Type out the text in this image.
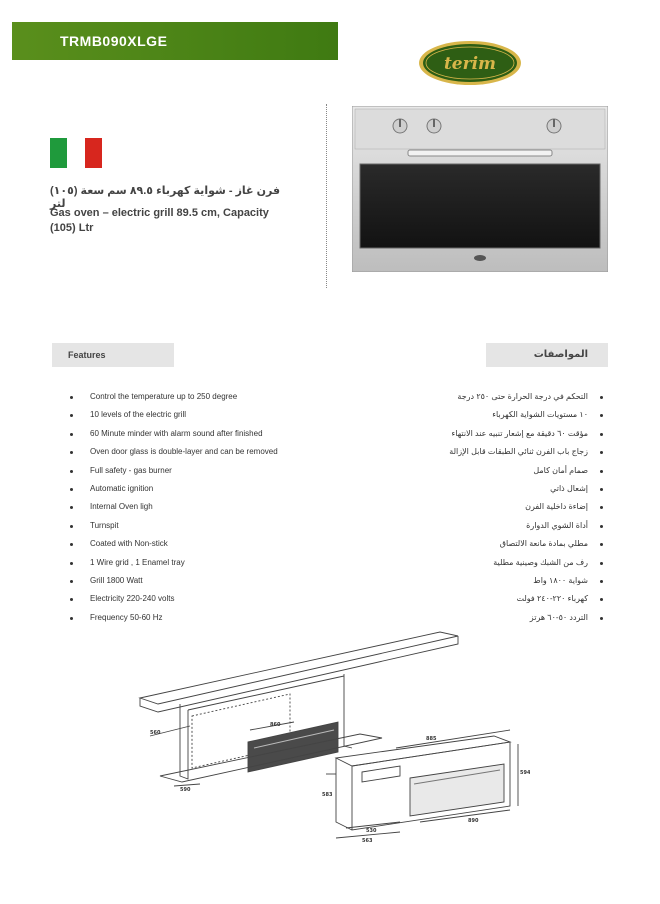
TRMB090XLGE
terim
فرن غاز - شواية كهرباء ٨٩.٥ سم سعة (١٠٥) لتر
Gas oven – electric grill 89.5 cm, Capacity (105) Ltr
Features	المواصفات
Control the temperature up to 250 degree
10 levels of the electric grill
60 Minute minder with alarm sound after finished
Oven door glass is double-layer and can be removed
Full safety - gas burner
Automatic ignition
Internal Oven ligh
Turnspit
Coated with Non-stick
1 Wire grid , 1 Enamel tray
Grill 1800 Watt
Electricity 220-240 volts
Frequency 50-60 Hz
التحكم في درجة الحرارة حتى ٢٥٠ درجة
١٠ مستويات الشواية الكهرباء
مؤقت ٦٠ دقيقة مع إشعار تنبيه عند الانتهاء
زجاج باب الفرن ثنائي الطبقات قابل الإزالة
صمام أمان كامل
إشعال ذاتي
إضاءة داخلية الفرن
أداة الشوي الدوارة
مطلي بمادة مانعة الالتصاق
رف من الشبك وصينية مطلية
شواية ١٨٠٠ واط
كهرباء ٢٢٠-٢٤٠ فولت
التردد ٥٠-٦٠ هرتز
560
860
590
885
594
583
530
890
563
